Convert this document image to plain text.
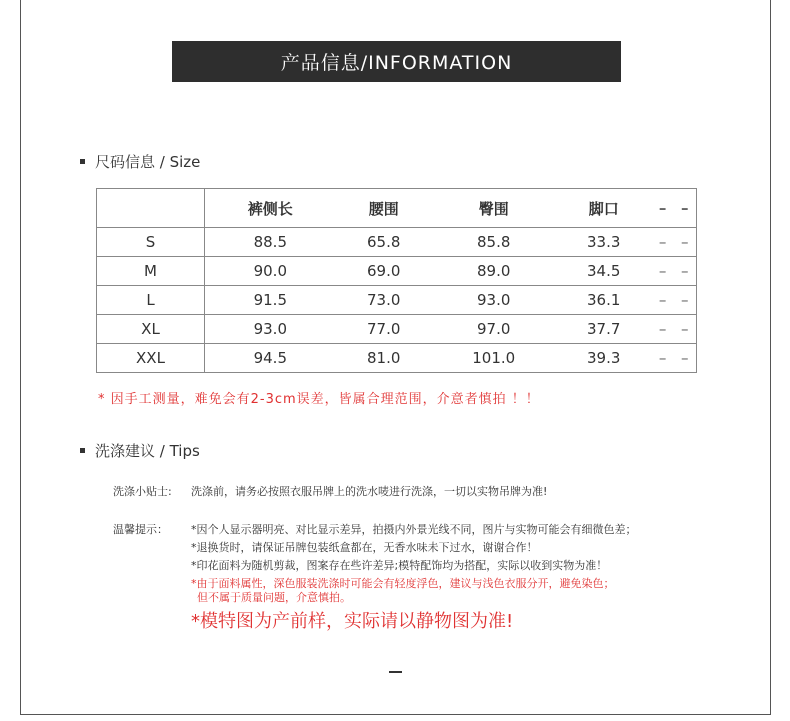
产品信息/INFORMATION
尺码信息 / Size
	裤侧长	腰围	臀围	脚口	–	–
S	88.5	65.8	85.8	33.3	–	–
M	90.0	69.0	89.0	34.5	–	–
L	91.5	73.0	93.0	36.1	–	–
XL	93.0	77.0	97.0	37.7	–	–
XXL	94.5	81.0	101.0	39.3	–	–
* 因手工测量，难免会有2-3cm误差，皆属合理范围，介意者慎拍 ！！
洗涤建议 / Tips
洗涤小贴士:	洗涤前，请务必按照衣服吊牌上的洗水唛进行洗涤，一切以实物吊牌为准!
温馨提示：	*因个人显示器明亮、对比显示差异，拍摄内外景光线不同，图片与实物可能会有细微色差；
*退换货时，请保证吊牌包装纸盒都在，无香水味未下过水，谢谢合作！
*印花面料为随机剪裁，图案存在些许差异;模特配饰均为搭配，实际以收到实物为准！
*由于面料属性，深色服装洗涤时可能会有轻度浮色，建议与浅色衣服分开，避免染色；
但不属于质量问题，介意慎拍。
*模特图为产前样，实际请以静物图为准!
